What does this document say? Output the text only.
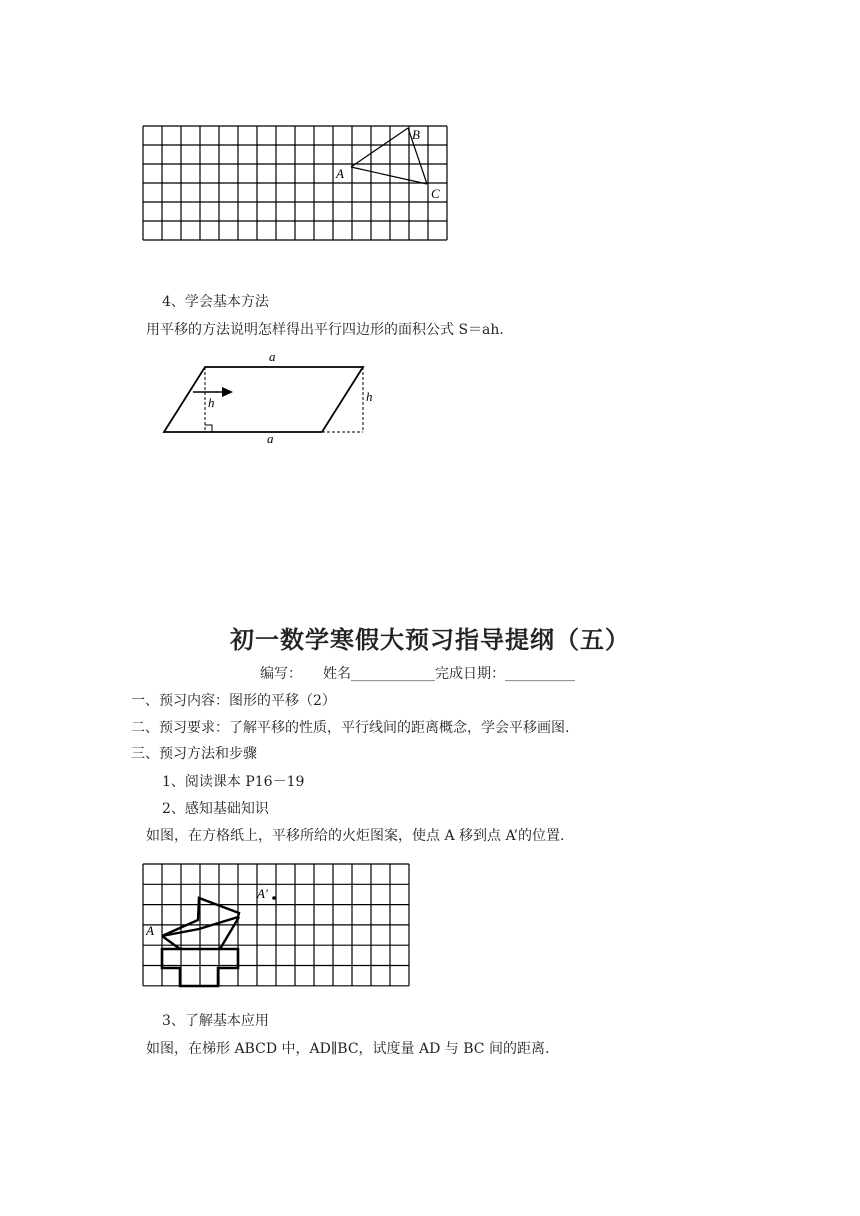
A
B
C
4、学会基本方法
用平移的方法说明怎样得出平行四边形的面积公式 S＝ah.
a
a
h	h
初一数学寒假大预习指导提纲（五）
编写：　　姓名____________完成日期：__________
一、预习内容：图形的平移（2）
二、预习要求：了解平移的性质，平行线间的距离概念，学会平移画图.
三、预习方法和步骤
1、阅读课本 P16－19
2、感知基础知识
如图，在方格纸上，平移所给的火炬图案，使点 A 移到点 A’的位置.
A
A'
3、了解基本应用
如图，在梯形 ABCD 中，AD∥BC，试度量 AD 与 BC 间的距离.
